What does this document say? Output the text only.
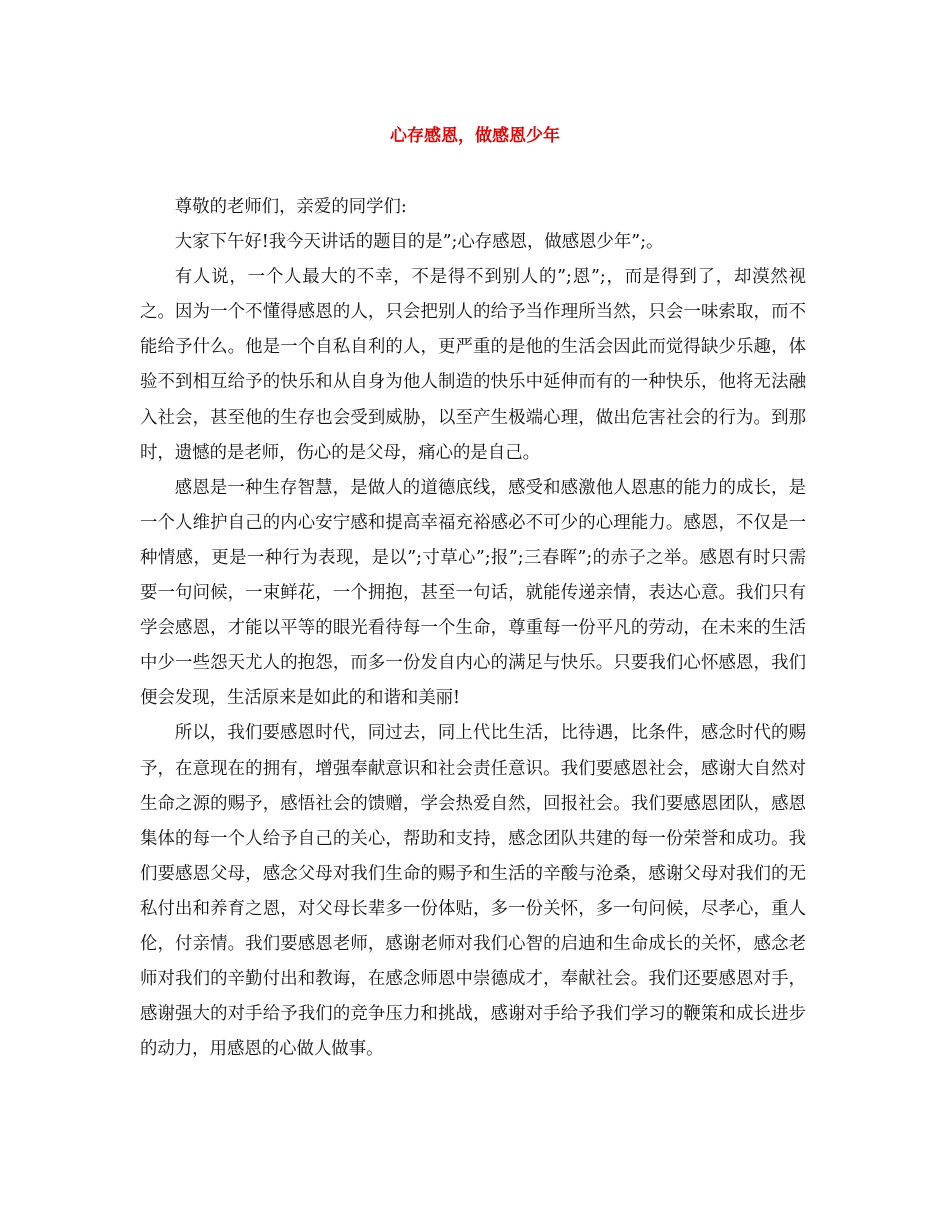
心存感恩，做感恩少年

尊敬的老师们，亲爱的同学们:

大家下午好!我今天讲话的题目的是”;心存感恩，做感恩少年”;。

有人说，一个人最大的不幸，不是得不到别人的”;恩”;，而是得到了，却漠然视之。因为一个不懂得感恩的人，只会把别人的给予当作理所当然，只会一味索取，而不能给予什么。他是一个自私自利的人，更严重的是他的生活会因此而觉得缺少乐趣，体验不到相互给予的快乐和从自身为他人制造的快乐中延伸而有的一种快乐，他将无法融入社会，甚至他的生存也会受到威胁，以至产生极端心理，做出危害社会的行为。到那时，遗憾的是老师，伤心的是父母，痛心的是自己。

感恩是一种生存智慧，是做人的道德底线，感受和感激他人恩惠的能力的成长，是一个人维护自己的内心安宁感和提高幸福充裕感必不可少的心理能力。感恩，不仅是一种情感，更是一种行为表现，是以”;寸草心”;报”;三春晖”;的赤子之举。感恩有时只需要一句问候，一束鲜花，一个拥抱，甚至一句话，就能传递亲情，表达心意。我们只有学会感恩，才能以平等的眼光看待每一个生命，尊重每一份平凡的劳动，在未来的生活中少一些怨天尤人的抱怨，而多一份发自内心的满足与快乐。只要我们心怀感恩，我们便会发现，生活原来是如此的和谐和美丽!

所以，我们要感恩时代，同过去，同上代比生活，比待遇，比条件，感念时代的赐予，在意现在的拥有，增强奉献意识和社会责任意识。我们要感恩社会，感谢大自然对生命之源的赐予，感悟社会的馈赠，学会热爱自然，回报社会。我们要感恩团队，感恩集体的每一个人给予自己的关心，帮助和支持，感念团队共建的每一份荣誉和成功。我们要感恩父母，感念父母对我们生命的赐予和生活的辛酸与沧桑，感谢父母对我们的无私付出和养育之恩，对父母长辈多一份体贴，多一份关怀，多一句问候，尽孝心，重人伦，付亲情。我们要感恩老师，感谢老师对我们心智的启迪和生命成长的关怀，感念老师对我们的辛勤付出和教诲，在感念师恩中崇德成才，奉献社会。我们还要感恩对手，感谢强大的对手给予我们的竞争压力和挑战，感谢对手给予我们学习的鞭策和成长进步的动力，用感恩的心做人做事。
